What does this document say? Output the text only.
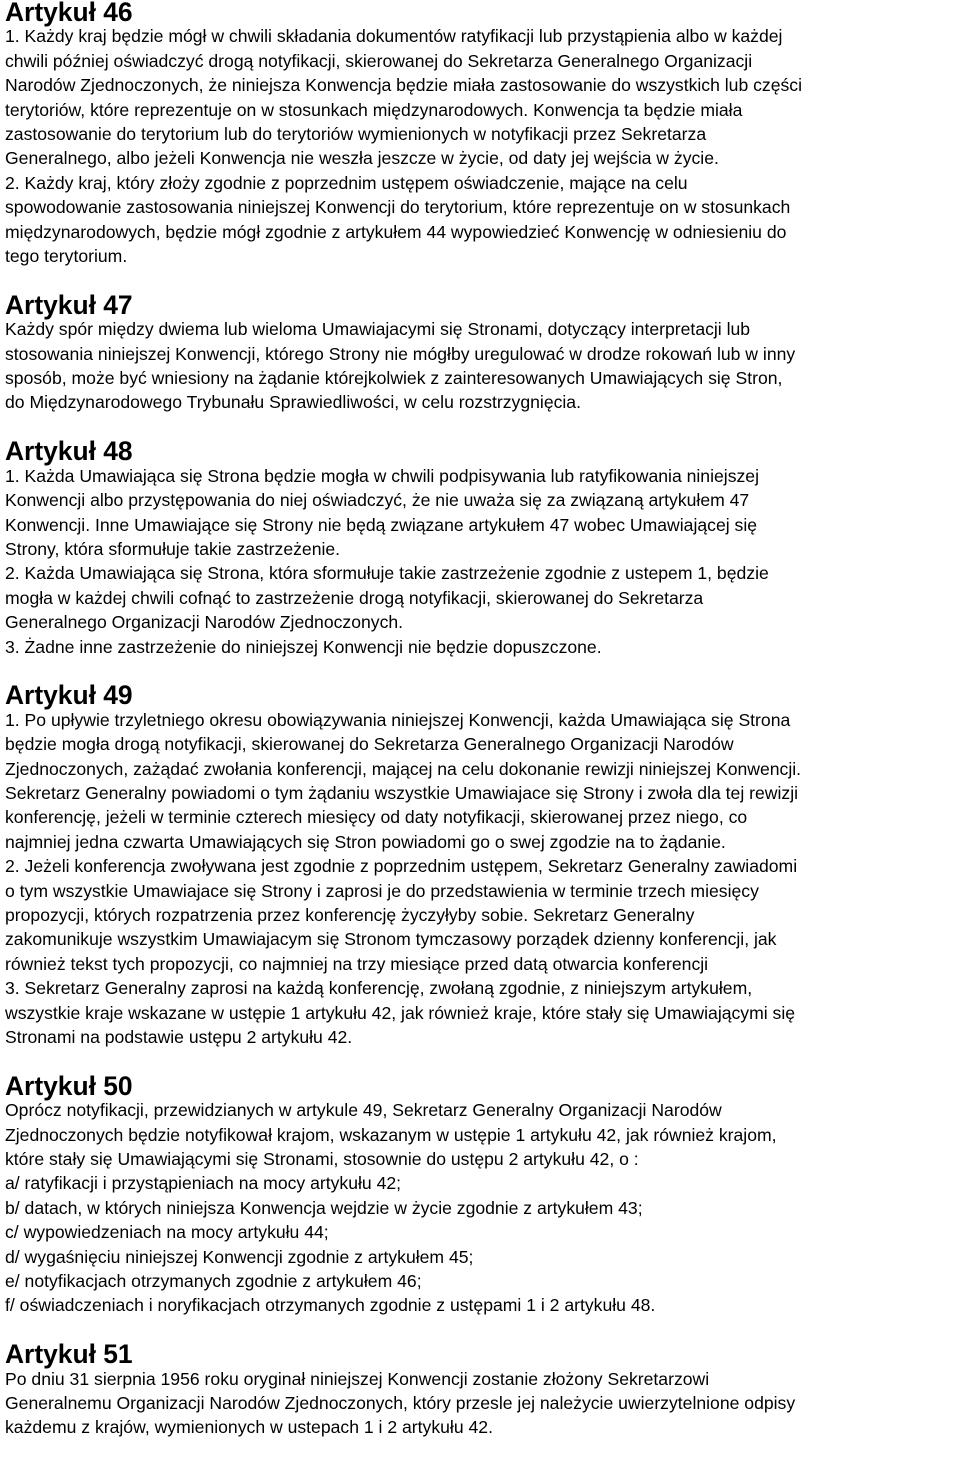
Artykuł 46

1. Każdy kraj będzie mógł w chwili składania dokumentów ratyfikacji lub przystąpienia albo w każdej
chwili później oświadczyć drogą notyfikacji, skierowanej do Sekretarza Generalnego Organizacji
Narodów Zjednoczonych, że niniejsza Konwencja będzie miała zastosowanie do wszystkich lub części
terytoriów, które reprezentuje on w stosunkach międzynarodowych. Konwencja ta będzie miała
zastosowanie do terytorium lub do terytoriów wymienionych w notyfikacji przez Sekretarza
Generalnego, albo jeżeli Konwencja nie weszła jeszcze w życie, od daty jej wejścia w życie.
2. Każdy kraj, który złoży zgodnie z poprzednim ustępem oświadczenie, mające na celu
spowodowanie zastosowania niniejszej Konwencji do terytorium, które reprezentuje on w stosunkach
międzynarodowych, będzie mógł zgodnie z artykułem 44 wypowiedzieć Konwencję w odniesieniu do
tego terytorium.

Artykuł 47

Każdy spór między dwiema lub wieloma Umawiajacymi się Stronami, dotyczący interpretacji lub
stosowania niniejszej Konwencji, którego Strony nie mógłby uregulować w drodze rokowań lub w inny
sposób, może być wniesiony na żądanie którejkolwiek z zainteresowanych Umawiających się Stron,
do Międzynarodowego Trybunału Sprawiedliwości, w celu rozstrzygnięcia.

Artykuł 48

1. Każda Umawiająca się Strona będzie mogła w chwili podpisywania lub ratyfikowania niniejszej
Konwencji albo przystępowania do niej oświadczyć, że nie uważa się za związaną artykułem 47
Konwencji. Inne Umawiające się Strony nie będą związane artykułem 47 wobec Umawiającej się
Strony, która sformułuje takie zastrzeżenie.
2. Każda Umawiająca się Strona, która sformułuje takie zastrzeżenie zgodnie z ustepem 1, będzie
mogła w każdej chwili cofnąć to zastrzeżenie drogą notyfikacji, skierowanej do Sekretarza
Generalnego Organizacji Narodów Zjednoczonych.
3. Żadne inne zastrzeżenie do niniejszej Konwencji nie będzie dopuszczone.

Artykuł 49

1. Po upływie trzyletniego okresu obowiązywania niniejszej Konwencji, każda Umawiająca się Strona
będzie mogła drogą notyfikacji, skierowanej do Sekretarza Generalnego Organizacji Narodów
Zjednoczonych, zażądać zwołania konferencji, mającej na celu dokonanie rewizji niniejszej Konwencji.
Sekretarz Generalny powiadomi o tym żądaniu wszystkie Umawiajace się Strony i zwoła dla tej rewizji
konferencję, jeżeli w terminie czterech miesięcy od daty notyfikacji, skierowanej przez niego, co
najmniej jedna czwarta Umawiających się Stron powiadomi go o swej zgodzie na to żądanie.
2. Jeżeli konferencja zwoływana jest zgodnie z poprzednim ustępem, Sekretarz Generalny zawiadomi
o tym wszystkie Umawiajace się Strony i zaprosi je do przedstawienia w terminie trzech miesięcy
propozycji, których rozpatrzenia przez konferencję życzyłyby sobie. Sekretarz Generalny
zakomunikuje wszystkim Umawiajacym się Stronom tymczasowy porządek dzienny konferencji, jak
również tekst tych propozycji, co najmniej na trzy miesiące przed datą otwarcia konferencji
3. Sekretarz Generalny zaprosi na każdą konferencję, zwołaną zgodnie, z niniejszym artykułem,
wszystkie kraje wskazane w ustępie 1 artykułu 42, jak również kraje, które stały się Umawiającymi się
Stronami na podstawie ustępu 2 artykułu 42.

Artykuł 50

Oprócz notyfikacji, przewidzianych w artykule 49, Sekretarz Generalny Organizacji Narodów
Zjednoczonych będzie notyfikował krajom, wskazanym w ustępie 1 artykułu 42, jak również krajom,
które stały się Umawiającymi się Stronami, stosownie do ustępu 2 artykułu 42, o :
a/ ratyfikacji i przystąpieniach na mocy artykułu 42;
b/ datach, w których niniejsza Konwencja wejdzie w życie zgodnie z artykułem 43;
c/ wypowiedzeniach na mocy artykułu 44;
d/ wygaśnięciu niniejszej Konwencji zgodnie z artykułem 45;
e/ notyfikacjach otrzymanych zgodnie z artykułem 46;
f/ oświadczeniach i noryfikacjach otrzymanych zgodnie z ustępami 1 i 2 artykułu 48.

Artykuł 51

Po dniu 31 sierpnia 1956 roku oryginał niniejszej Konwencji zostanie złożony Sekretarzowi
Generalnemu Organizacji Narodów Zjednoczonych, który przesle jej należycie uwierzytelnione odpisy
każdemu z krajów, wymienionych w ustepach 1 i 2 artykułu 42.
